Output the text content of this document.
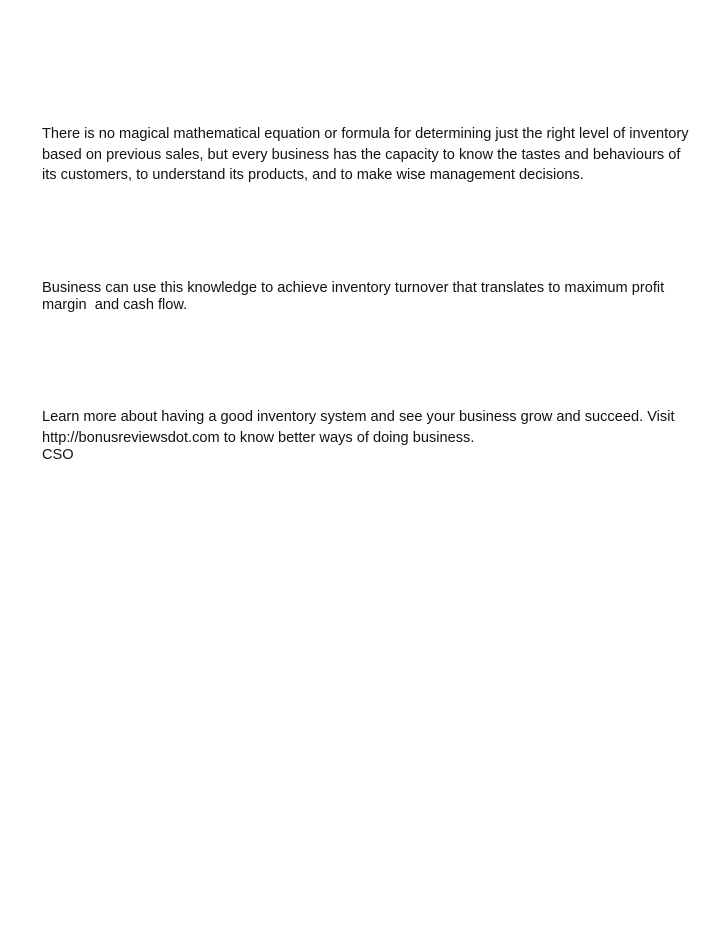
There is no magical mathematical equation or formula for determining just the right level of inventory

based on previous sales, but every business has the capacity to know the tastes and behaviours of

its customers, to understand its products, and to make wise management decisions.

Business can use this knowledge to achieve inventory turnover that translates to maximum profit

margin  and cash flow.

Learn more about having a good inventory system and see your business grow and succeed. Visit

http://bonusreviewsdot.com to know better ways of doing business.

CSO
